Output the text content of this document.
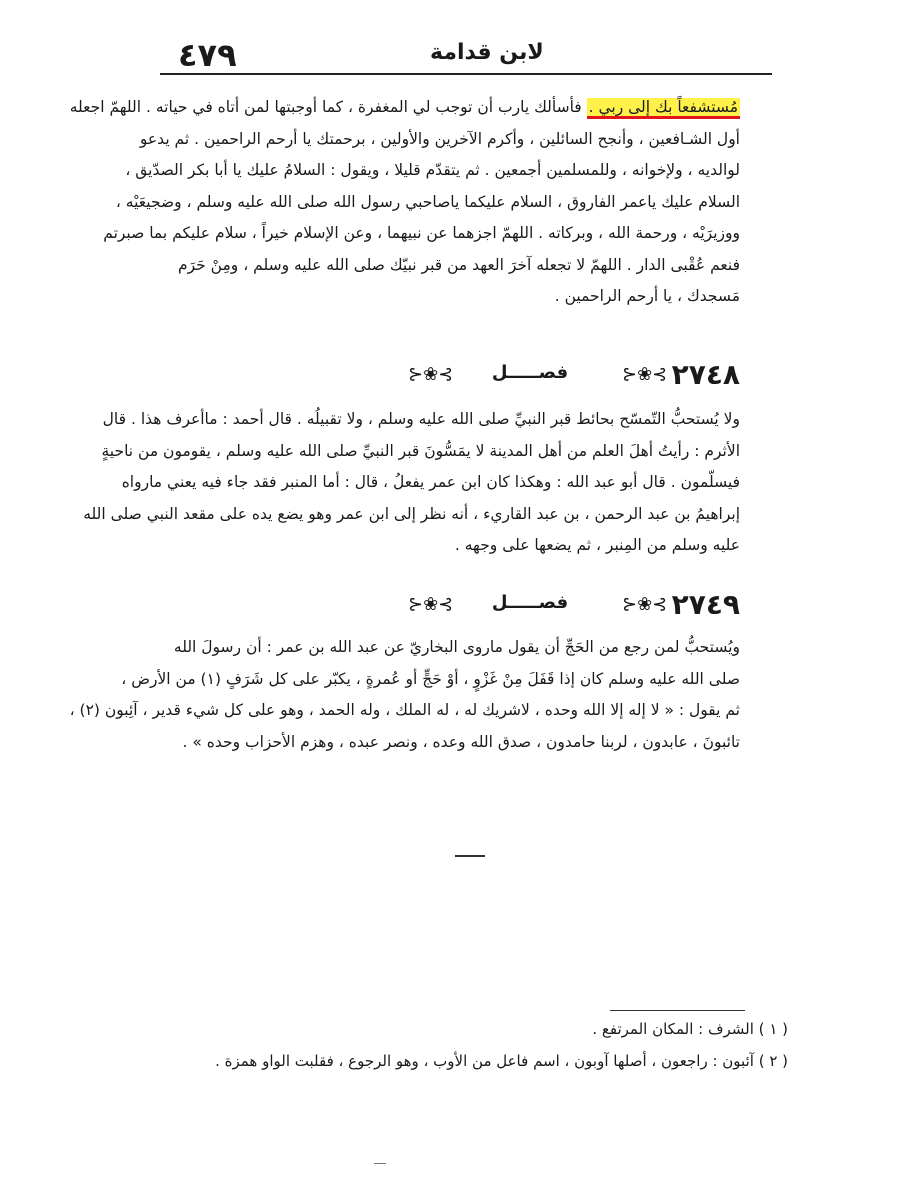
٤٧٩	لابن قدامة
مُستشفعاً بك إلى ربي . فأسألك يارب أن توجب لي المغفرة ، كما أوجبتها لمن أتاه في حياته . اللهمّ اجعله
أول الشـافعين ، وأنجح السائلين ، وأكرم الآخرين والأولين ، برحمتك يا أرحم الراحمين . ثم يدعو
لوالديه ، ولإخوانه ، وللمسلمين أجمعين . ثم يتقدّم قليلا ، ويقول : السلامُ عليك يا أبا بكر الصدّيق ،
السلام عليك ياعمر الفاروق ، السلام عليكما ياصاحبي رسول الله صلى الله عليه وسلم ، وضجيعَيْه ،
ووزيرَيْه ، ورحمة الله ، وبركاته . اللهمّ اجزهما عن نبيهما ، وعن الإسلام خيراً ، سلام عليكم بما صبرتم
فنعم عُقْبى الدار . اللهمّ لا تجعله آخرَ العهد من قبر نبيّك صلى الله عليه وسلم ، ومِنْ حَرَم
مَسجدك ، يا أرحم الراحمين .
٢٧٤٨
⊱❀⊰	فصـــــل	⊱❀⊰
ولا يُستحبُّ التّمسّح بحائط قبر النبيِّ صلى الله عليه وسلم ، ولا تقبيلُه . قال أحمد : ماأعرف هذا . قال
الأثرم : رأيتُ أهلَ العلم من أهل المدينة لا يمَسُّونَ قبر النبيِّ صلى الله عليه وسلم ، يقومون من ناحيةٍ
فيسلّمون . قال أبو عبد الله : وهكذا كان ابن عمر يفعلُ ، قال : أما المنبر فقد جاء فيه يعني مارواه
إبراهيمُ بن عبد الرحمن ، بن عبد القاريء ، أنه نظر إلى ابن عمر وهو يضع يده على مقعد النبي صلى الله
عليه وسلم من المِنبر ، ثم يضعها على وجهه .
٢٧٤٩
⊱❀⊰	فصـــــل	⊱❀⊰
ويُستحبُّ لمن رجع من الحَجِّ أن يقول ماروى البخاريّ عن عبد الله بن عمر : أن رسولَ الله
صلى الله عليه وسلم كان إذا قَفَلَ مِنْ غَزْوٍ ، أوْ حَجٍّ أو عُمرةٍ ، يكبّر على كل شَرَفٍ (١) من الأرض ،
ثم يقول : « لا إله إلا الله وحده ، لاشريك له ، له الملك ، وله الحمد ، وهو على كل شيء قدير ، آئِبون (٢) ،
تائبونَ ، عابدون ، لربنا حامدون ، صدق الله وعده ، ونصر عبده ، وهزم الأحزاب وحده » .
( ١ ) الشرف : المكان المرتفع .
( ٢ ) آئبون : راجعون ، أصلها آوبون ، اسم فاعل من الأوب ، وهو الرجوع ، فقلبت الواو همزة .
